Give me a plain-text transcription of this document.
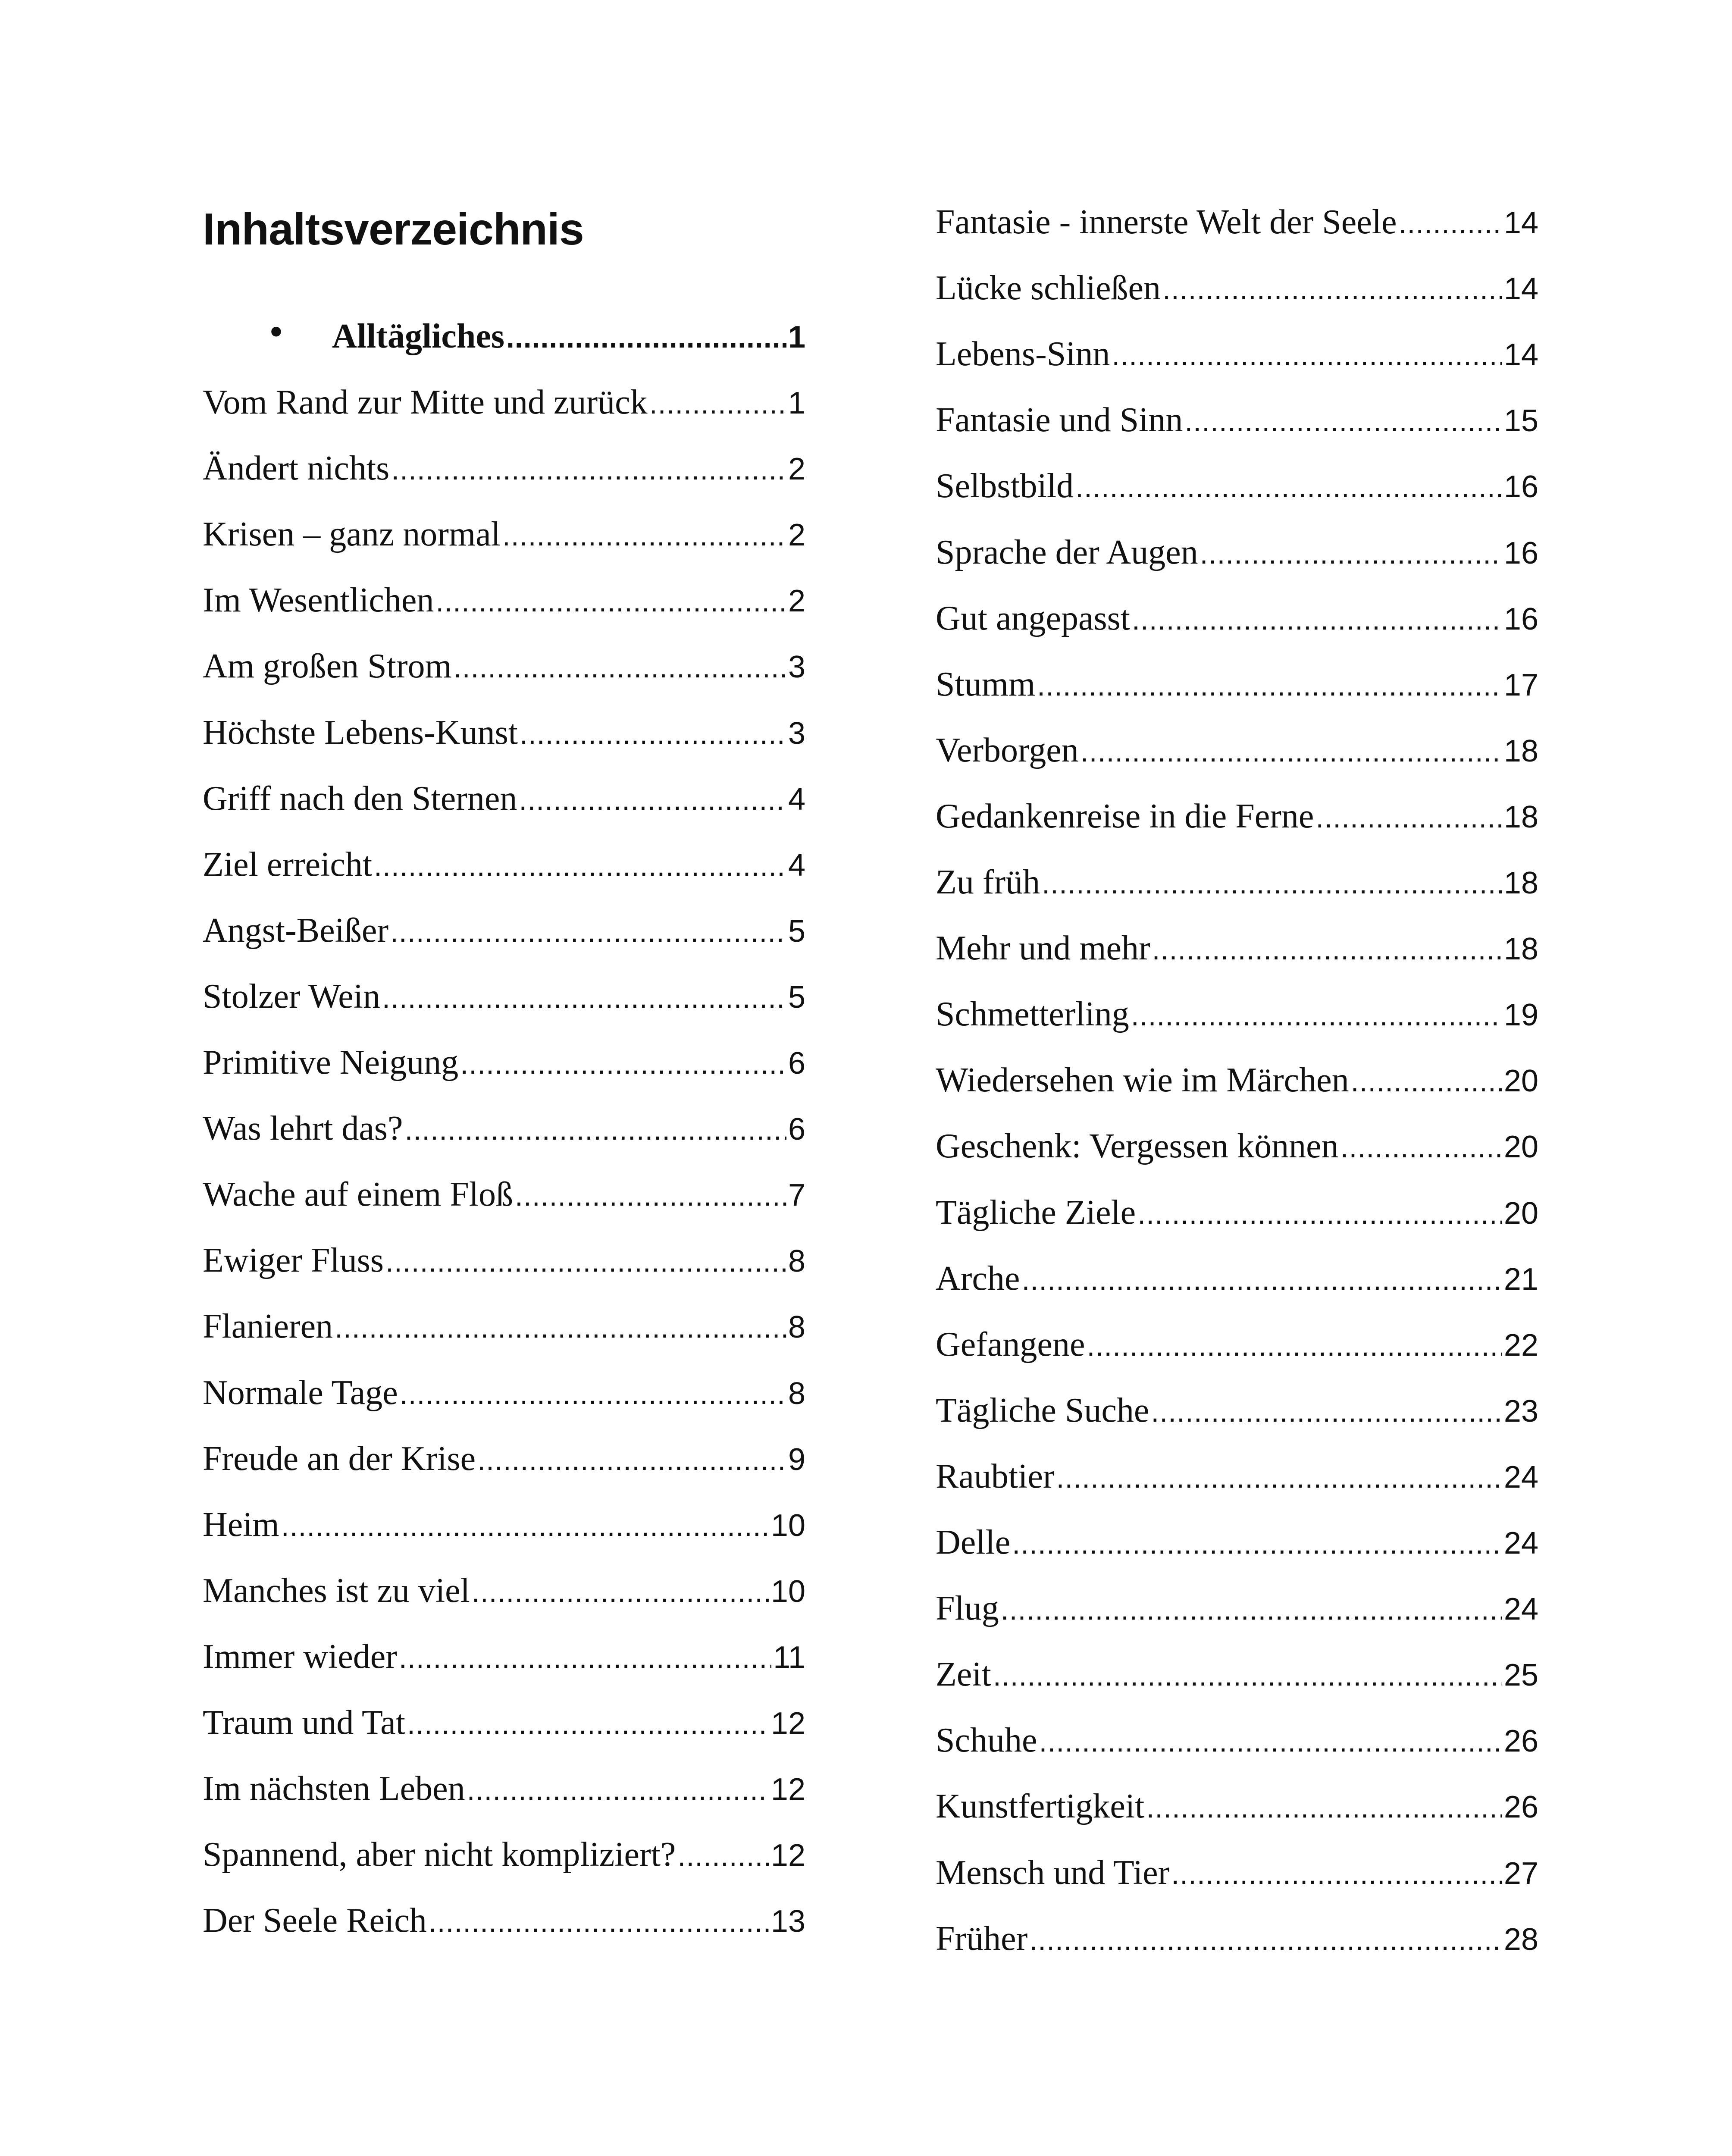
Inhaltsverzeichnis
• Alltägliches .....	1
Vom Rand zur Mitte und zurück .....	1
Ändert nichts .....	2
Krisen – ganz normal .....	2
Im Wesentlichen .....	2
Am großen Strom .....	3
Höchste Lebens-Kunst .....	3
Griff nach den Sternen .....	4
Ziel erreicht .....	4
Angst-Beißer .....	5
Stolzer Wein .....	5
Primitive Neigung .....	6
Was lehrt das? .....	6
Wache auf einem Floß .....	7
Ewiger Fluss .....	8
Flanieren .....	8
Normale Tage .....	8
Freude an der Krise .....	9
Heim .....	10
Manches ist zu viel .....	10
Immer wieder .....	11
Traum und Tat .....	12
Im nächsten Leben .....	12
Spannend, aber nicht kompliziert? .....	12
Der Seele Reich .....	13
Fantasie - innerste Welt der Seele .....	14
Lücke schließen .....	14
Lebens-Sinn .....	14
Fantasie und Sinn .....	15
Selbstbild .....	16
Sprache der Augen .....	16
Gut angepasst .....	16
Stumm .....	17
Verborgen .....	18
Gedankenreise in die Ferne .....	18
Zu früh .....	18
Mehr und mehr .....	18
Schmetterling .....	19
Wiedersehen wie im Märchen .....	20
Geschenk: Vergessen können .....	20
Tägliche Ziele .....	20
Arche .....	21
Gefangene .....	22
Tägliche Suche .....	23
Raubtier .....	24
Delle .....	24
Flug .....	24
Zeit .....	25
Schuhe .....	26
Kunstfertigkeit .....	26
Mensch und Tier .....	27
Früher .....	28
